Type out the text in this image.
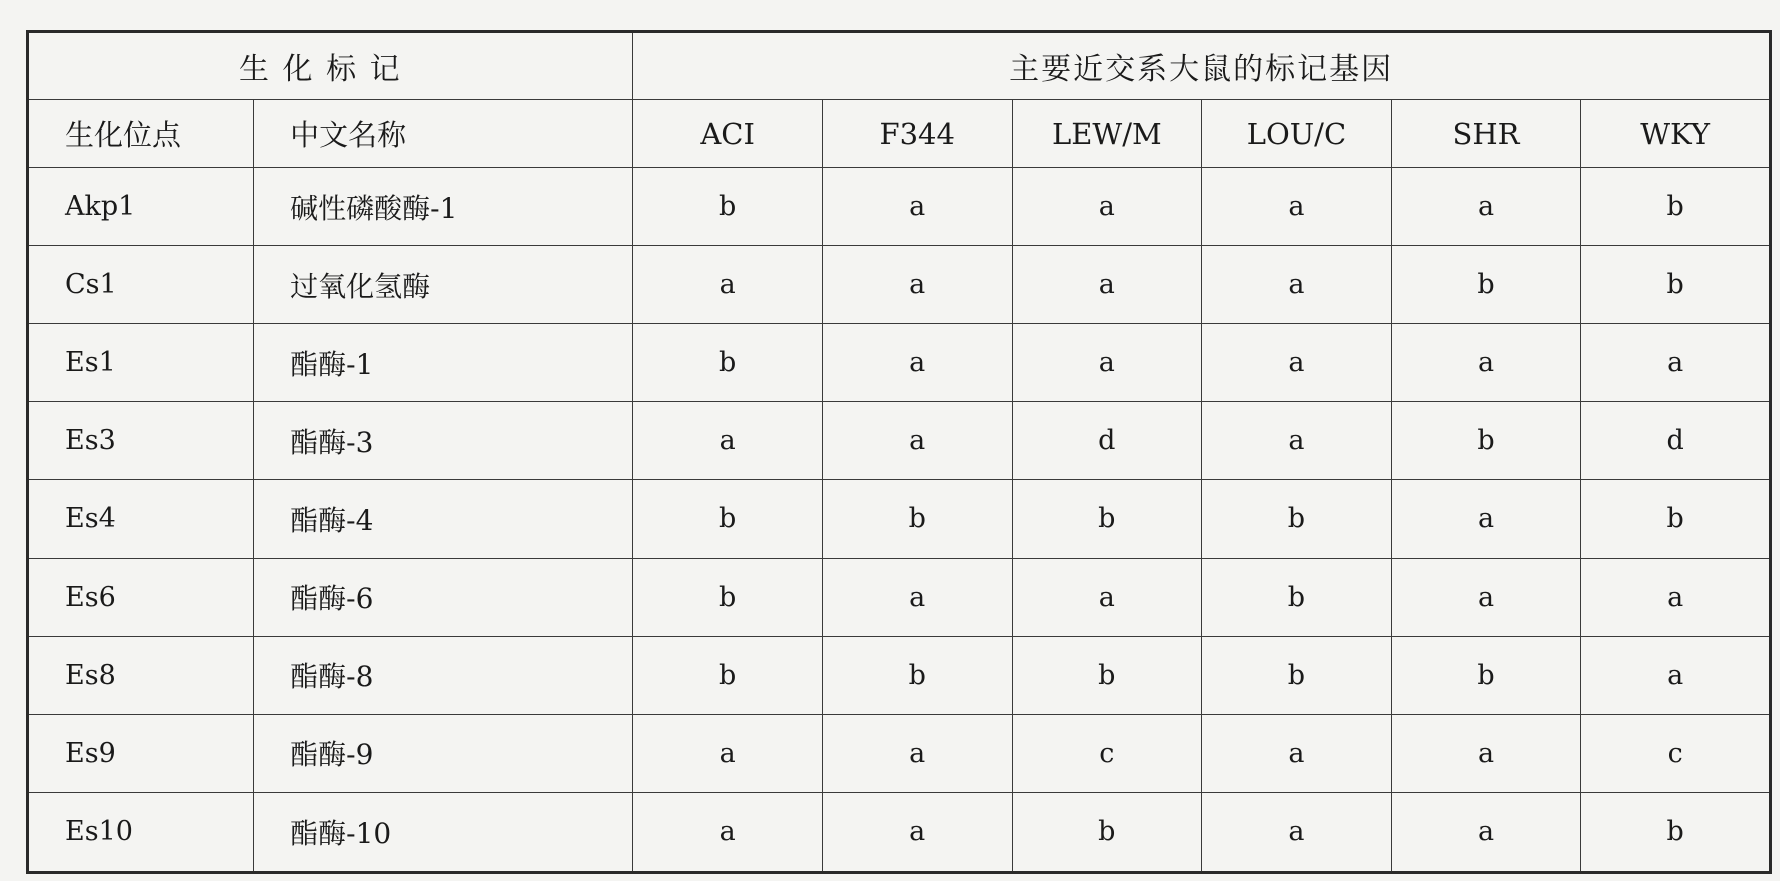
生 化 标 记		主要近交系大鼠的标记基因					
生化位点	中文名称	ACI	F344	LEW/M	LOU/C	SHR	WKY
Akp1	碱性磷酸酶-1	b	a	a	a	a	b
Cs1	过氧化氢酶	a	a	a	a	b	b
Es1	酯酶-1	b	a	a	a	a	a
Es3	酯酶-3	a	a	d	a	b	d
Es4	酯酶-4	b	b	b	b	a	b
Es6	酯酶-6	b	a	a	b	a	a
Es8	酯酶-8	b	b	b	b	b	a
Es9	酯酶-9	a	a	c	a	a	c
Es10	酯酶-10	a	a	b	a	a	b
